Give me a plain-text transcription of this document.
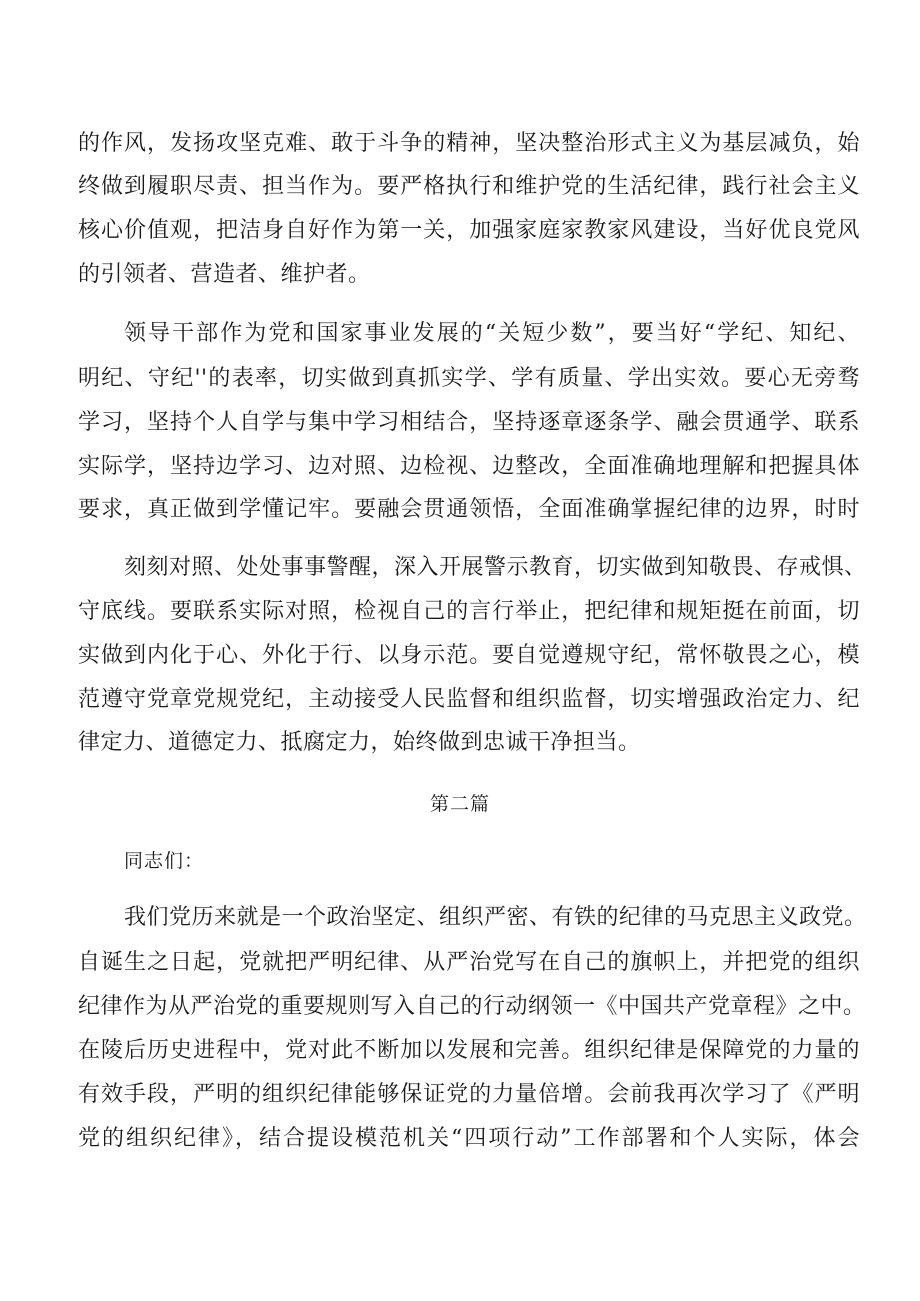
的作风，发扬攻坚克难、敢于斗争的精神，坚决整治形式主义为基层减负，始
终做到履职尽责、担当作为。要严格执行和维护党的生活纪律，践行社会主义
核心价值观，把洁身自好作为第一关，加强家庭家教家风建设，当好优良党风
的引领者、营造者、维护者。
领导干部作为党和国家事业发展的“关短少数”，要当好“学纪、知纪、
明纪、守纪''的表率，切实做到真抓实学、学有质量、学出实效。要心无旁骛
学习，坚持个人自学与集中学习相结合，坚持逐章逐条学、融会贯通学、联系
实际学，坚持边学习、边对照、边检视、边整改，全面准确地理解和把握具体
要求，真正做到学懂记牢。要融会贯通领悟，全面准确掌握纪律的边界，时时
刻刻对照、处处事事警醒，深入开展警示教育，切实做到知敬畏、存戒惧、
守底线。要联系实际对照，检视自己的言行举止，把纪律和规矩挺在前面，切
实做到内化于心、外化于行、以身示范。要自觉遵规守纪，常怀敬畏之心，模
范遵守党章党规党纪，主动接受人民监督和组织监督，切实增强政治定力、纪
律定力、道德定力、抵腐定力，始终做到忠诚干净担当。
第二篇
同志们：
我们党历来就是一个政治坚定、组织严密、有铁的纪律的马克思主义政党。
自诞生之日起，党就把严明纪律、从严治党写在自己的旗帜上，并把党的组织
纪律作为从严治党的重要规则写入自己的行动纲领一《中国共产党章程》之中。
在陵后历史进程中，党对此不断加以发展和完善。组织纪律是保障党的力量的
有效手段，严明的组织纪律能够保证党的力量倍增。会前我再次学习了《严明
党的组织纪律》，结合提设模范机关“四项行动”工作部署和个人实际，体会
